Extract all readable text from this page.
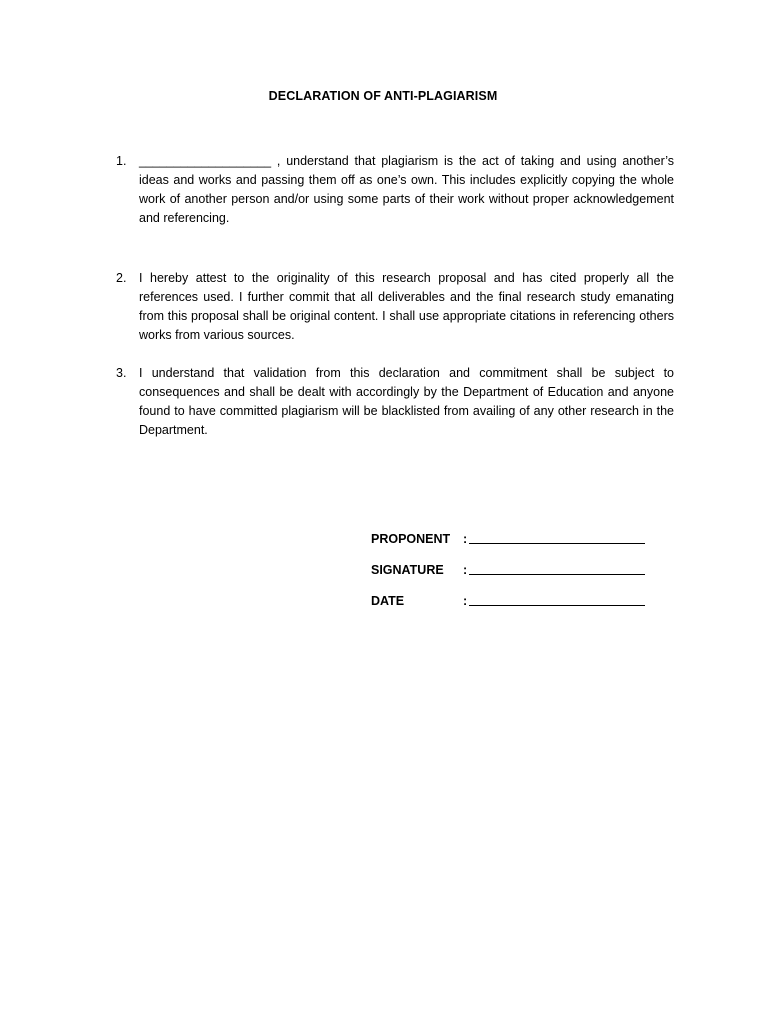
DECLARATION OF ANTI-PLAGIARISM
1. ___________________ , understand that plagiarism is the act of taking and using another’s ideas and works and passing them off as one’s own. This includes explicitly copying the whole work of another person and/or using some parts of their work without proper acknowledgement and referencing.
2. I hereby attest to the originality of this research proposal and has cited properly all the references used. I further commit that all deliverables and the final research study emanating from this proposal shall be original content. I shall use appropriate citations in referencing others works from various sources.
3. I understand that validation from this declaration and commitment shall be subject to consequences and shall be dealt with accordingly by the Department of Education and anyone found to have committed plagiarism will be blacklisted from availing of any other research in the Department.
PROPONENT :
SIGNATURE :
DATE	:
